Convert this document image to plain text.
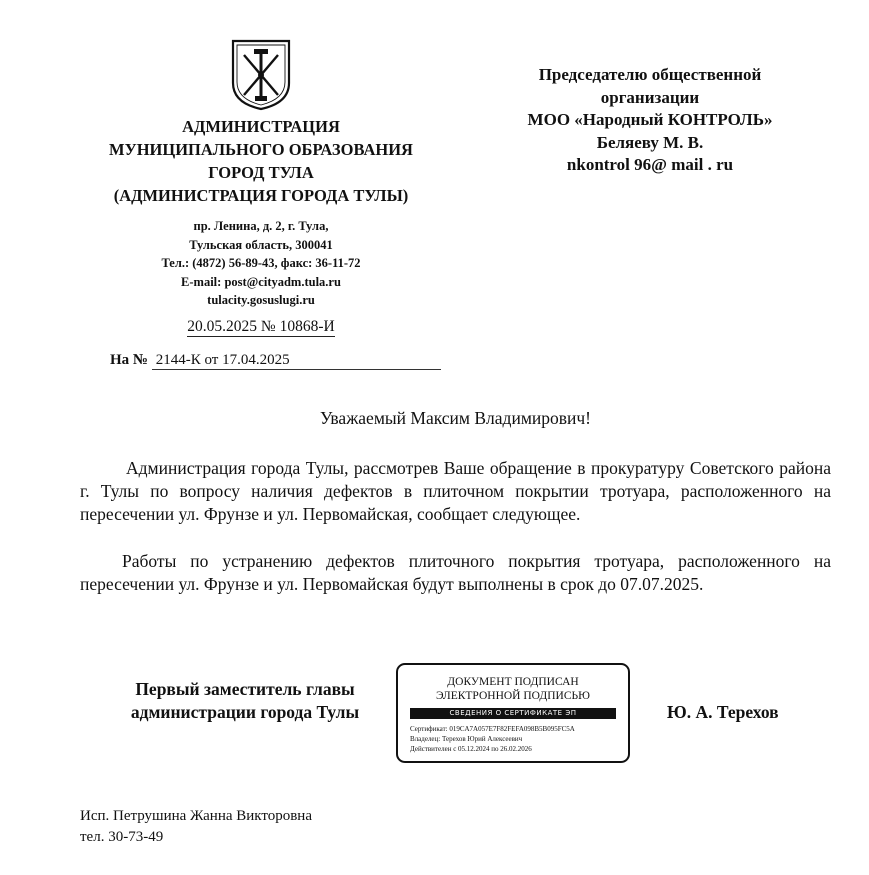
АДМИНИСТРАЦИЯ
МУНИЦИПАЛЬНОГО ОБРАЗОВАНИЯ
ГОРОД ТУЛА
(АДМИНИСТРАЦИЯ ГОРОДА ТУЛЫ)
пр. Ленина, д. 2, г. Тула,
Тульская область, 300041
Тел.: (4872) 56-89-43, факс: 36-11-72
E-mail: post@cityadm.tula.ru
tulacity.gosuslugi.ru
20.05.2025 № 10868-И
На № 2144-К от 17.04.2025
Председателю общественной
организации
МОО «Народный КОНТРОЛЬ»
Беляеву М. В.
nkontrol 96@ mail . ru
Уважаемый Максим Владимирович!
Администрация города Тулы, рассмотрев Ваше обращение в прокуратуру Советского района г. Тулы по вопросу наличия дефектов в плиточном покрытии тротуара, расположенного на пересечении ул. Фрунзе и ул. Первомайская, сообщает следующее.
Работы по устранению дефектов плиточного покрытия тротуара, расположенного на пересечении ул. Фрунзе и ул. Первомайская будут выполнены в срок до 07.07.2025.
Первый заместитель главы
администрации города Тулы
ДОКУМЕНТ ПОДПИСАН
ЭЛЕКТРОННОЙ ПОДПИСЬЮ
СВЕДЕНИЯ О СЕРТИФИКАТЕ ЭП
Сертификат: 019CA7A057E7F82FEFA098B5B095FC5A
Владелец: Терехов Юрий Алексеевич
Действителен с 05.12.2024 по 26.02.2026
Ю. А. Терехов
Исп. Петрушина Жанна Викторовна
тел. 30-73-49
